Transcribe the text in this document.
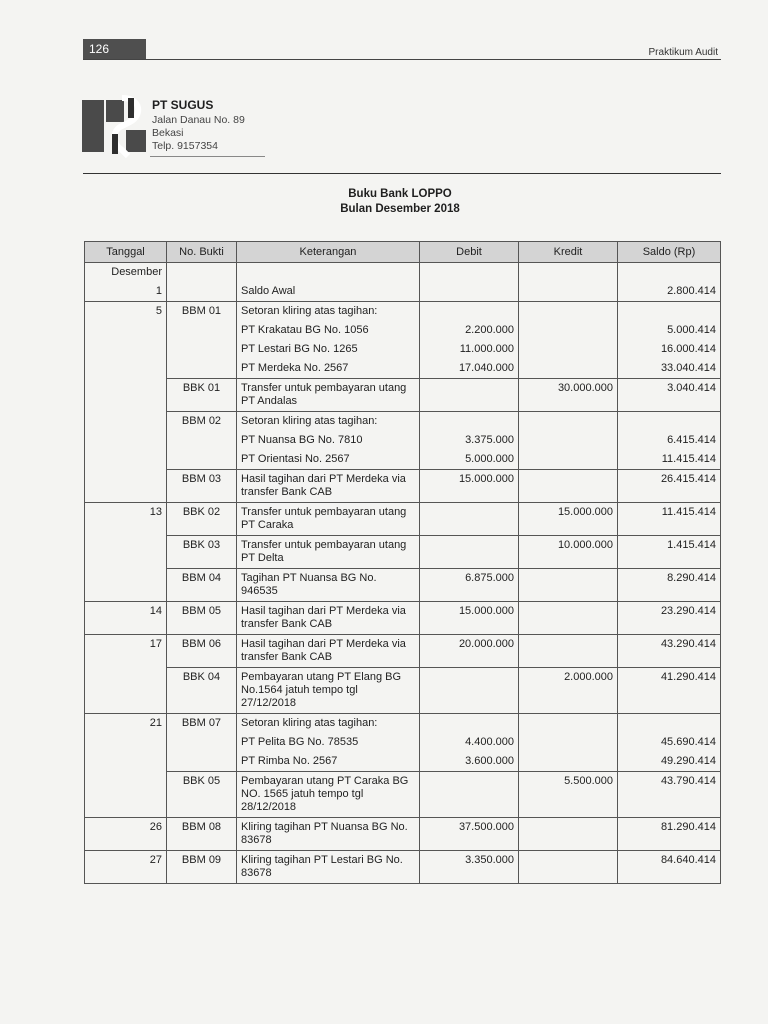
126	Praktikum Audit
PT SUGUS
Jalan Danau No. 89
Bekasi
Telp. 9157354
Buku Bank LOPPO
Bulan Desember 2018
Tanggal	No. Bukti	Keterangan	Debit	Kredit	Saldo (Rp)
Desember					
1		Saldo Awal			2.800.414
5	BBM 01	Setoran kliring atas tagihan:			
		PT Krakatau BG No. 1056	2.200.000		5.000.414
		PT Lestari BG No. 1265	11.000.000		16.000.414
		PT Merdeka No. 2567	17.040.000		33.040.414
	BBK 01	Transfer untuk pembayaran utang PT Andalas		30.000.000	3.040.414
	BBM 02	Setoran kliring atas tagihan:			
		PT Nuansa BG No. 7810	3.375.000		6.415.414
		PT Orientasi No. 2567	5.000.000		11.415.414
	BBM 03	Hasil tagihan dari PT Merdeka via transfer Bank CAB	15.000.000		26.415.414
13	BBK 02	Transfer untuk pembayaran utang PT Caraka		15.000.000	11.415.414
	BBK 03	Transfer untuk pembayaran utang PT Delta		10.000.000	1.415.414
	BBM 04	Tagihan PT Nuansa BG No. 946535	6.875.000		8.290.414
14	BBM 05	Hasil tagihan dari PT Merdeka via transfer Bank CAB	15.000.000		23.290.414
17	BBM 06	Hasil tagihan dari PT Merdeka via transfer Bank CAB	20.000.000		43.290.414
	BBK 04	Pembayaran utang PT Elang BG No.1564 jatuh tempo tgl 27/12/2018		2.000.000	41.290.414
21	BBM 07	Setoran kliring atas tagihan:			
		PT Pelita BG No. 78535	4.400.000		45.690.414
		PT Rimba No. 2567	3.600.000		49.290.414
	BBK 05	Pembayaran utang PT Caraka BG NO. 1565 jatuh tempo tgl 28/12/2018		5.500.000	43.790.414
26	BBM 08	Kliring tagihan PT Nuansa BG No. 83678	37.500.000		81.290.414
27	BBM 09	Kliring tagihan PT Lestari BG No. 83678	3.350.000		84.640.414
